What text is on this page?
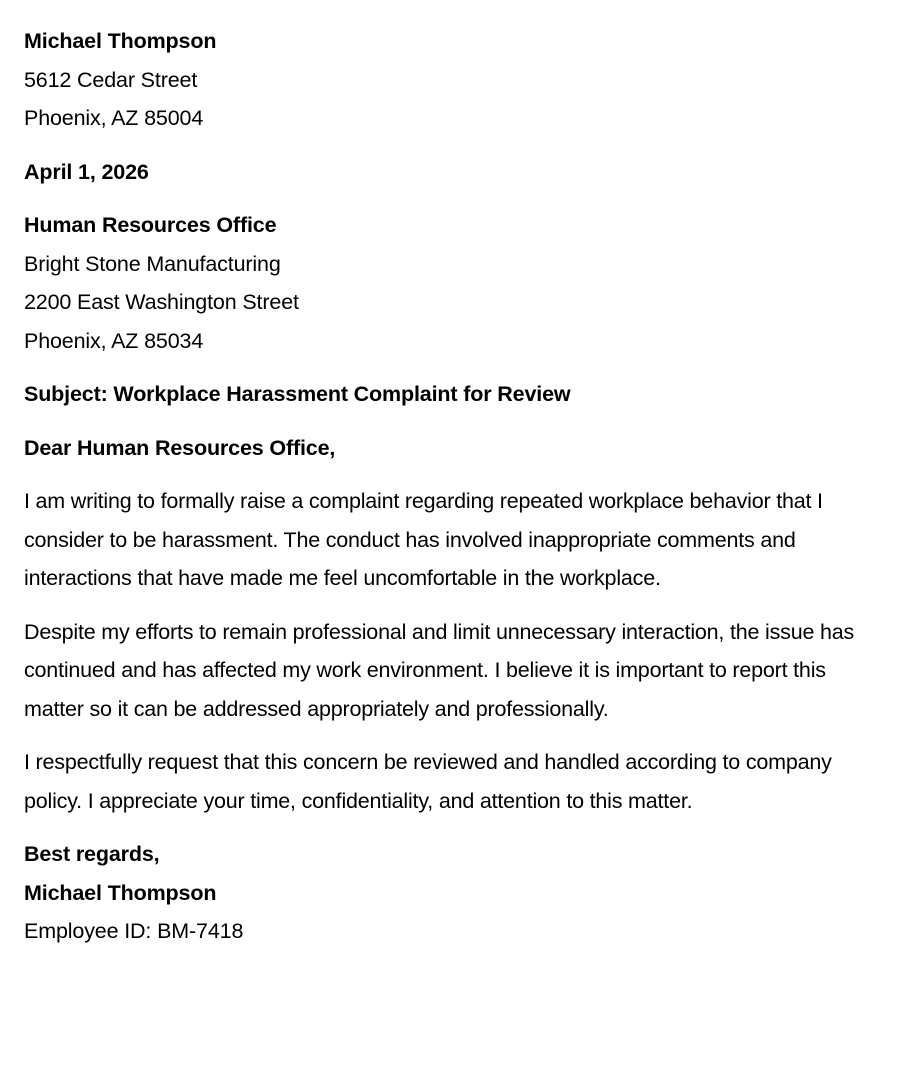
Michael Thompson
5612 Cedar Street
Phoenix, AZ 85004
April 1, 2026
Human Resources Office
Bright Stone Manufacturing
2200 East Washington Street
Phoenix, AZ 85034
Subject: Workplace Harassment Complaint for Review
Dear Human Resources Office,

I am writing to formally raise a complaint regarding repeated workplace behavior that I consider to be harassment. The conduct has involved inappropriate comments and interactions that have made me feel uncomfortable in the workplace.

Despite my efforts to remain professional and limit unnecessary interaction, the issue has continued and has affected my work environment. I believe it is important to report this matter so it can be addressed appropriately and professionally.

I respectfully request that this concern be reviewed and handled according to company policy. I appreciate your time, confidentiality, and attention to this matter.

Best regards,
Michael Thompson
Employee ID: BM-7418
